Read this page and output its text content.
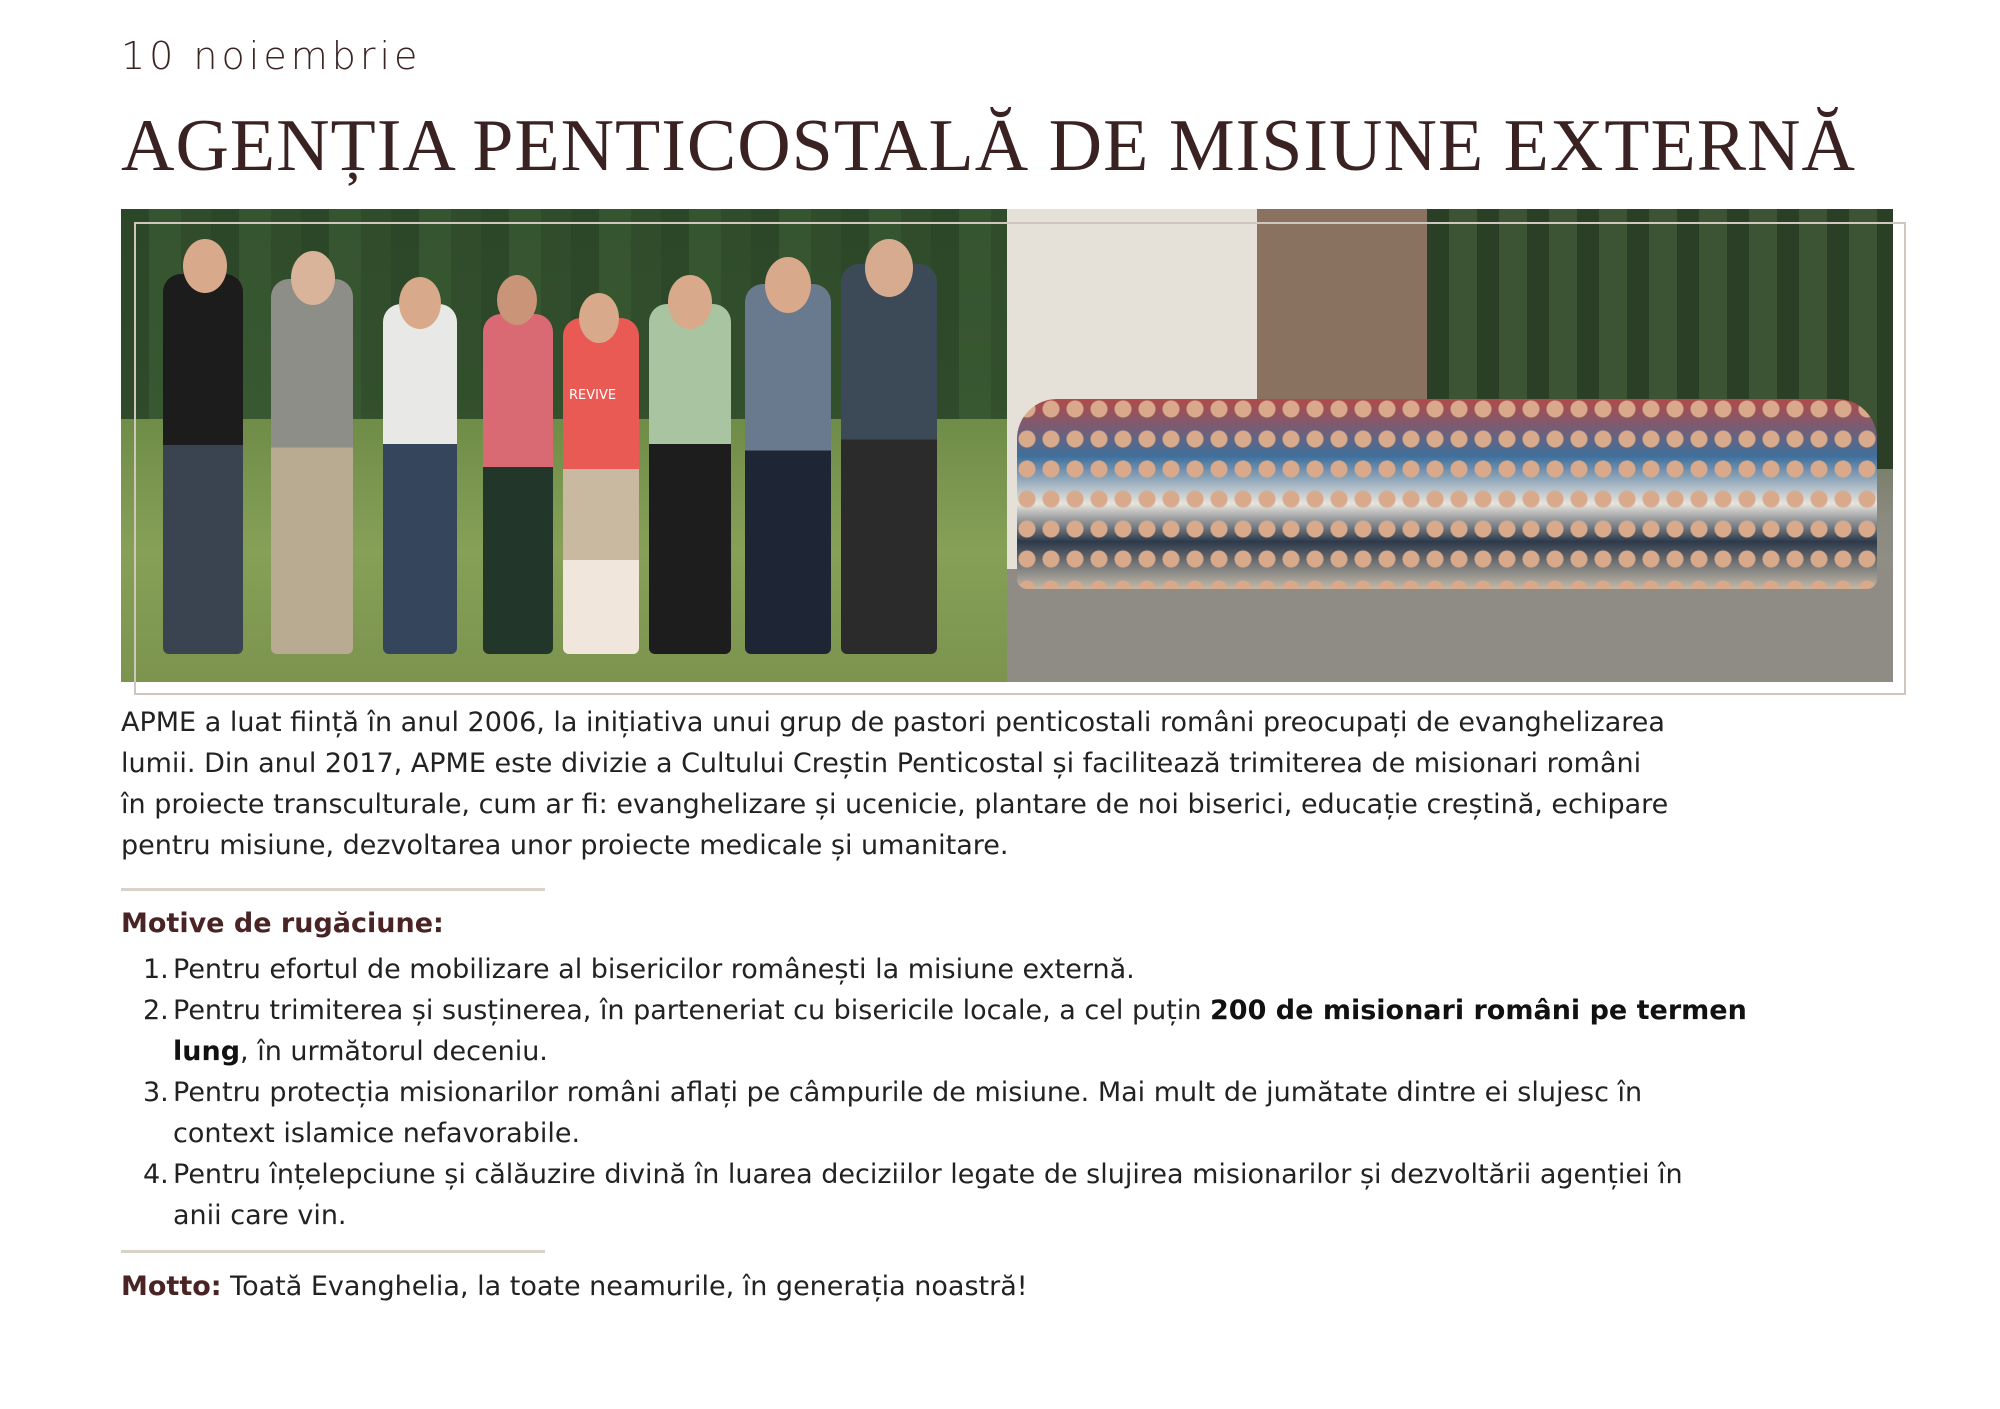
10 noiembrie
AGENȚIA PENTICOSTALĂ DE MISIUNE EXTERNĂ
REVIVE
APME a luat ființă în anul 2006, la inițiativa unui grup de pastori penticostali români preocupați de evanghelizarea
lumii. Din anul 2017, APME este divizie a Cultului Creștin Penticostal și facilitează trimiterea de misionari români
în proiecte transculturale, cum ar fi: evanghelizare și ucenicie, plantare de noi biserici, educație creștină, echipare
pentru misiune, dezvoltarea unor proiecte medicale și umanitare.
Motive de rugăciune:
1. Pentru efortul de mobilizare al bisericilor românești la misiune externă.
2. Pentru trimiterea și susținerea, în parteneriat cu bisericile locale, a cel puțin 200 de misionari români pe termen
lung, în următorul deceniu.
3. Pentru protecția misionarilor români aflați pe câmpurile de misiune. Mai mult de jumătate dintre ei slujesc în
context islamice nefavorabile.
4. Pentru înțelepciune și călăuzire divină în luarea deciziilor legate de slujirea misionarilor și dezvoltării agenției în
anii care vin.
Motto: Toată Evanghelia, la toate neamurile, în generația noastră!
